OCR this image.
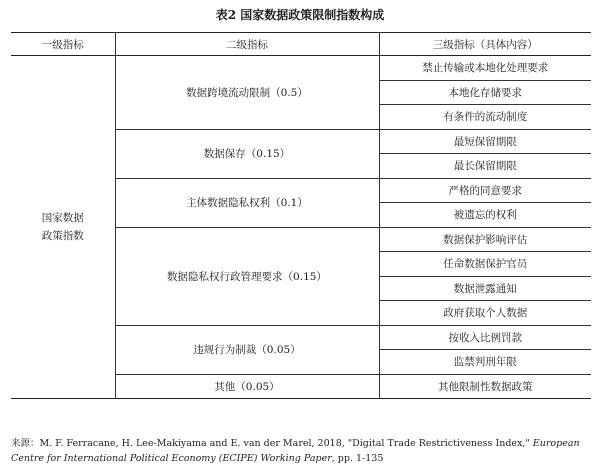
表2 国家数据政策限制指数构成
一级指标	二级指标	三级指标（具体内容）
国家数据政策指数	数据跨境流动限制（0.5）	禁止传输或本地化处理要求
		本地化存储要求
		有条件的流动制度
	数据保存（0.15）	最短保留期限
		最长保留期限
	主体数据隐私权利（0.1）	严格的同意要求
		被遗忘的权利
	数据隐私权行政管理要求（0.15）	数据保护影响评估
		任命数据保护官员
		数据泄露通知
		政府获取个人数据
	违规行为制裁（0.05）	按收入比例罚款
		监禁判刑年限
	其他（0.05）	其他限制性数据政策
来源：M. F. Ferracane, H. Lee-Makiyama and E. van der Marel, 2018, "Digital Trade Restrictiveness Index," European Centre for International Political Economy (ECIPE) Working Paper, pp. 1-135
